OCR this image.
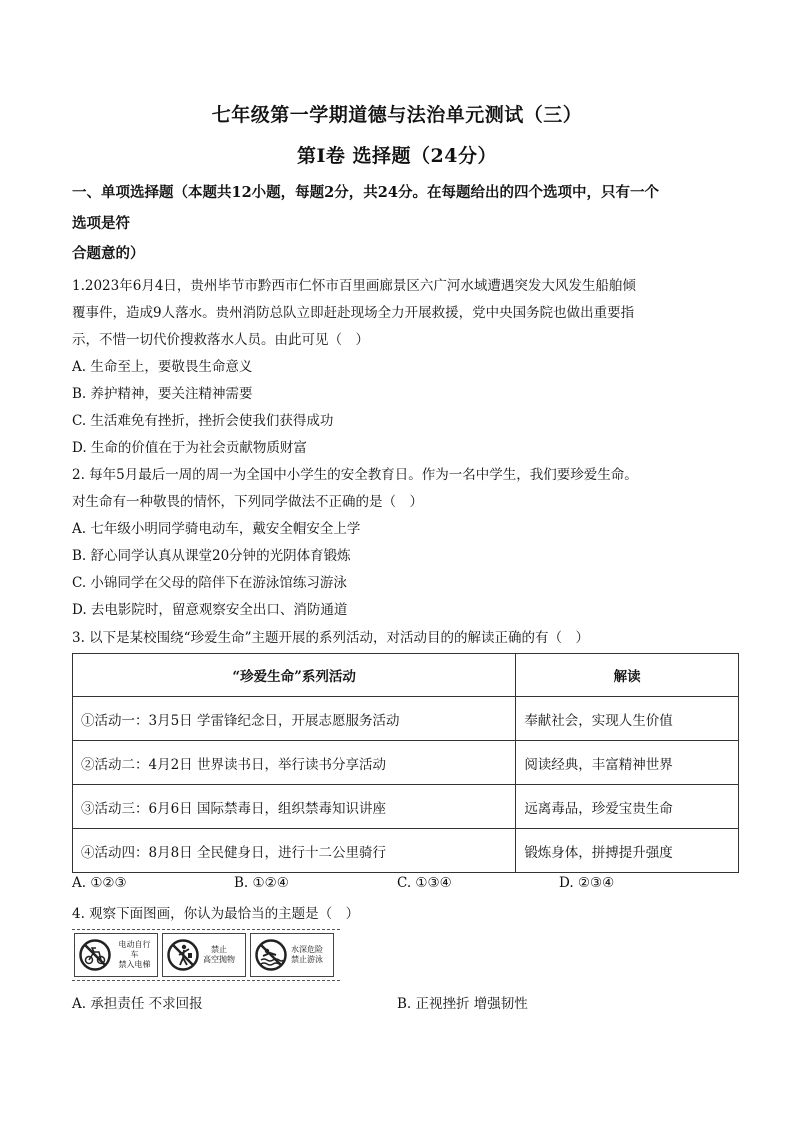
七年级第一学期道德与法治单元测试（三）
第Ⅰ卷 选择题（24分）
一、单项选择题（本题共12小题，每题2分，共24分。在每题给出的四个选项中，只有一个
选项是符
合题意的）
1.2023年6月4日，贵州毕节市黔西市仁怀市百里画廊景区六广河水域遭遇突发大风发生船舶倾
覆事件，造成9人落水。贵州消防总队立即赶赴现场全力开展救援，党中央国务院也做出重要指
示，不惜一切代价搜救落水人员。由此可见（　）
A. 生命至上，要敬畏生命意义
B. 养护精神，要关注精神需要
C. 生活难免有挫折，挫折会使我们获得成功
D. 生命的价值在于为社会贡献物质财富
2. 每年5月最后一周的周一为全国中小学生的安全教育日。作为一名中学生，我们要珍爱生命。
对生命有一种敬畏的情怀，下列同学做法不正确的是（　）
A. 七年级小明同学骑电动车，戴安全帽安全上学
B. 舒心同学认真从课堂20分钟的光阴体育锻炼
C. 小锦同学在父母的陪伴下在游泳馆练习游泳
D. 去电影院时，留意观察安全出口、消防通道
3. 以下是某校围绕“珍爱生命”主题开展的系列活动，对活动目的的解读正确的有（　）
“珍爱生命”系列活动	解读
①活动一：3月5日 学雷锋纪念日，开展志愿服务活动	奉献社会，实现人生价值
②活动二：4月2日 世界读书日，举行读书分享活动	阅读经典，丰富精神世界
③活动三：6月6日 国际禁毒日，组织禁毒知识讲座	远离毒品，珍爱宝贵生命
④活动四：8月8日 全民健身日，进行十二公里骑行	锻炼身体，拼搏提升强度
A. ①②③	B. ①②④	C. ①③④	D. ②③④
4. 观察下面图画，你认为最恰当的主题是（　）
电动自行车
禁入电梯
禁止
高空抛物
水深危险
禁止游泳
A. 承担责任 不求回报	B. 正视挫折 增强韧性
